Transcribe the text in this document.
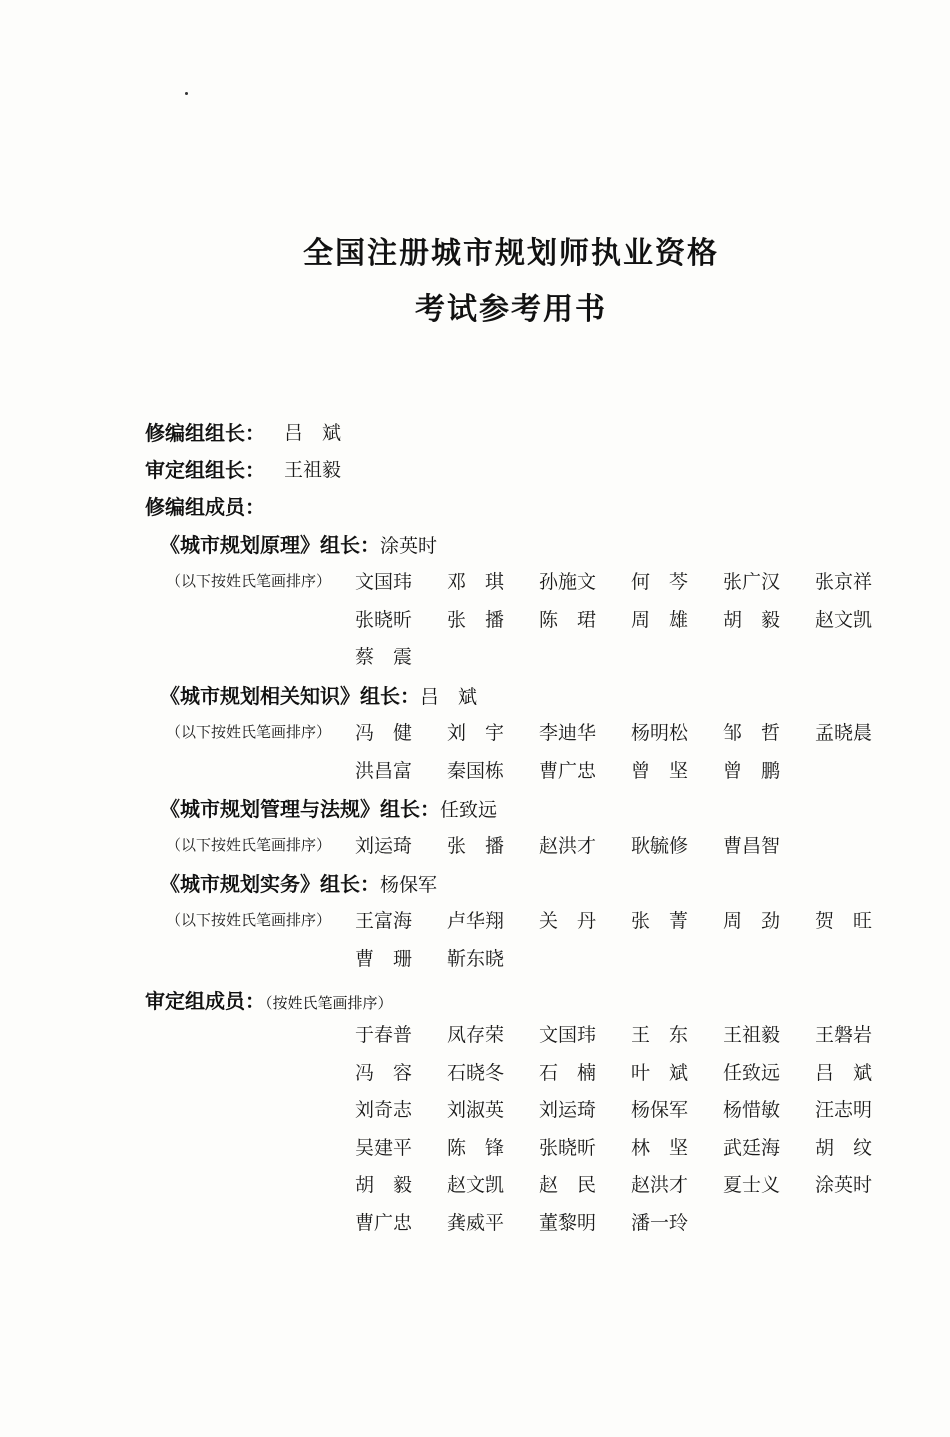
全国注册城市规划师执业资格
考试参考用书
修编组组长： 吕　斌
审定组组长： 王祖毅
修编组成员：
《城市规划原理》组长：涂英时
（以下按姓氏笔画排序） 文国玮	邓　琪	孙施文	何　芩	张广汉	张京祥
张晓昕	张　播	陈　珺	周　雄	胡　毅	赵文凯
蔡　震
《城市规划相关知识》组长：吕　斌
（以下按姓氏笔画排序） 冯　健	刘　宇	李迪华	杨明松	邹　哲	孟晓晨
洪昌富	秦国栋	曹广忠	曾　坚	曾　鹏
《城市规划管理与法规》组长：任致远
（以下按姓氏笔画排序） 刘运琦	张　播	赵洪才	耿毓修	曹昌智
《城市规划实务》组长：杨保军
（以下按姓氏笔画排序） 王富海	卢华翔	关　丹	张　菁	周　劲	贺　旺
曹　珊	靳东晓
审定组成员：（按姓氏笔画排序）
于春普	凤存荣	文国玮	王　东	王祖毅	王磐岩
冯　容	石晓冬	石　楠	叶　斌	任致远	吕　斌
刘奇志	刘淑英	刘运琦	杨保军	杨惜敏	汪志明
吴建平	陈　锋	张晓昕	林　坚	武廷海	胡　纹
胡　毅	赵文凯	赵　民	赵洪才	夏士义	涂英时
曹广忠	龚威平	董黎明	潘一玲
